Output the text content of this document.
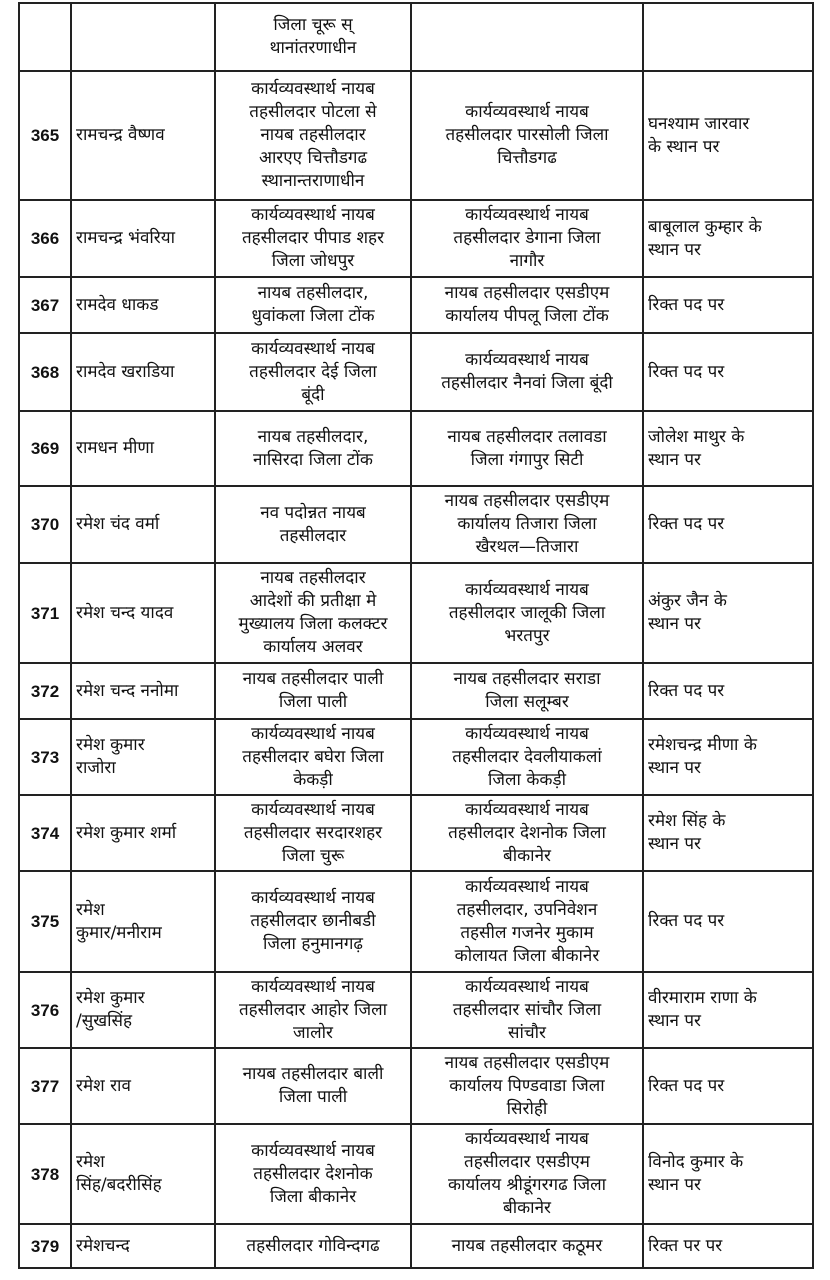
		जिला चूरू स्
थानांतरणाधीन		
365	रामचन्द्र वैष्णव	कार्यव्यवस्थार्थ नायब
तहसीलदार पोटला से
नायब तहसीलदार
आरएए चित्तौडगढ
स्थानान्तराणाधीन	कार्यव्यवस्थार्थ नायब
तहसीलदार पारसोली जिला
चित्तौडगढ	घनश्याम जारवार
के स्थान पर
366	रामचन्द्र भंवरिया	कार्यव्यवस्थार्थ नायब
तहसीलदार पीपाड शहर
जिला जोधपुर	कार्यव्यवस्थार्थ नायब
तहसीलदार डेगाना जिला
नागौर	बाबूलाल कुम्हार के
स्थान पर
367	रामदेव धाकड	नायब तहसीलदार,
धुवांकला जिला टोंक	नायब तहसीलदार एसडीएम
कार्यालय पीपलू जिला टोंक	रिक्त पद पर
368	रामदेव खराडिया	कार्यव्यवस्थार्थ नायब
तहसीलदार देई जिला
बूंदी	कार्यव्यवस्थार्थ नायब
तहसीलदार नैनवां जिला बूंदी	रिक्त पद पर
369	रामधन मीणा	नायब तहसीलदार,
नासिरदा जिला टोंक	नायब तहसीलदार तलावडा
जिला गंगापुर सिटी	जोलेश माथुर के
स्थान पर
370	रमेश चंद वर्मा	नव पदोन्नत नायब
तहसीलदार	नायब तहसीलदार एसडीएम
कार्यालय तिजारा जिला
खैरथल—तिजारा	रिक्त पद पर
371	रमेश चन्द यादव	नायब तहसीलदार
आदेशों की प्रतीक्षा मे
मुख्यालय जिला कलक्टर
कार्यालय अलवर	कार्यव्यवस्थार्थ नायब
तहसीलदार जालूकी जिला
भरतपुर	अंकुर जैन के
स्थान पर
372	रमेश चन्द ननोमा	नायब तहसीलदार पाली
जिला पाली	नायब तहसीलदार सराडा
जिला सलूम्बर	रिक्त पद पर
373	रमेश कुमार
राजोरा	कार्यव्यवस्थार्थ नायब
तहसीलदार बघेरा जिला
केकड़ी	कार्यव्यवस्थार्थ नायब
तहसीलदार देवलीयाकलां
जिला केकड़ी	रमेशचन्द्र मीणा के
स्थान पर
374	रमेश कुमार शर्मा	कार्यव्यवस्थार्थ नायब
तहसीलदार सरदारशहर
जिला चुरू	कार्यव्यवस्थार्थ नायब
तहसीलदार देशनोक जिला
बीकानेर	रमेश सिंह के
स्थान पर
375	रमेश
कुमार/मनीराम	कार्यव्यवस्थार्थ नायब
तहसीलदार छानीबडी
जिला हनुमानगढ़	कार्यव्यवस्थार्थ नायब
तहसीलदार, उपनिवेशन
तहसील गजनेर मुकाम
कोलायत जिला बीकानेर	रिक्त पद पर
376	रमेश कुमार
/सुखसिंह	कार्यव्यवस्थार्थ नायब
तहसीलदार आहोर जिला
जालोर	कार्यव्यवस्थार्थ नायब
तहसीलदार सांचौर जिला
सांचौर	वीरमाराम राणा के
स्थान पर
377	रमेश राव	नायब तहसीलदार बाली
जिला पाली	नायब तहसीलदार एसडीएम
कार्यालय पिण्डवाडा जिला
सिरोही	रिक्त पद पर
378	रमेश
सिंह/बदरीसिंह	कार्यव्यवस्थार्थ नायब
तहसीलदार देशनोक
जिला बीकानेर	कार्यव्यवस्थार्थ नायब
तहसीलदार एसडीएम
कार्यालय श्रीडूंगरगढ जिला
बीकानेर	विनोद कुमार के
स्थान पर
379	रमेशचन्द	तहसीलदार गोविन्दगढ	नायब तहसीलदार कठूमर	रिक्त पर पर
